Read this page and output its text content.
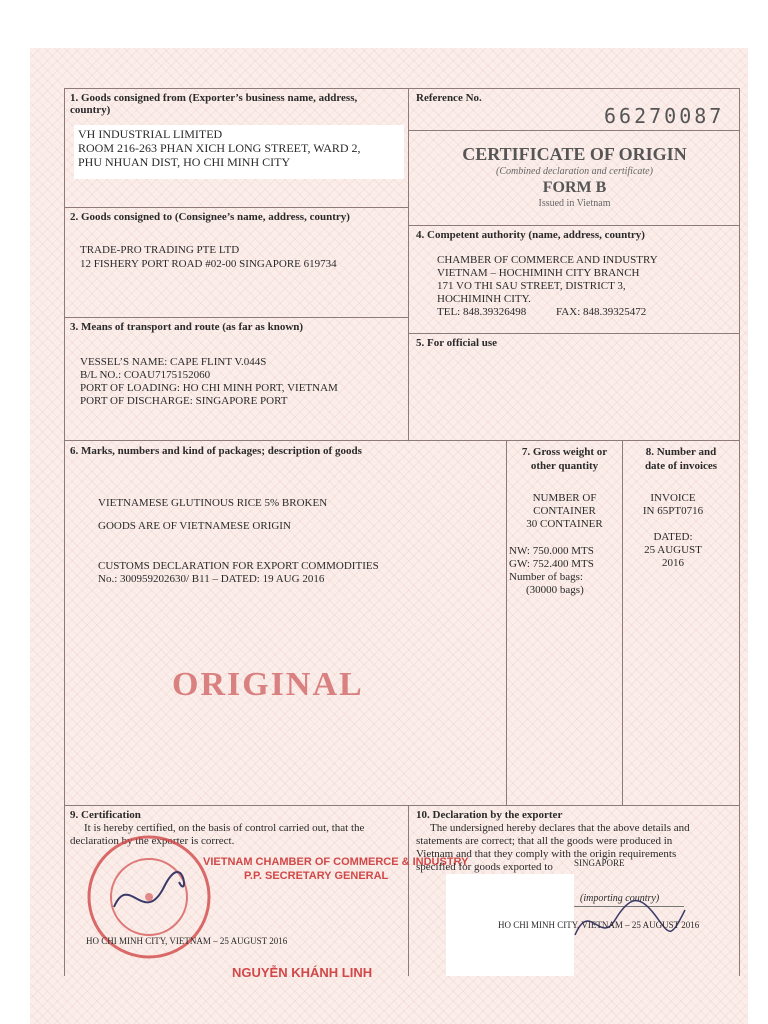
1. Goods consigned from (Exporter’s business name, address,
country)
VH INDUSTRIAL LIMITED
ROOM 216-263 PHAN XICH LONG STREET, WARD 2,
PHU NHUAN DIST, HO CHI MINH CITY
Reference No.
66270087
CERTIFICATE OF ORIGIN
(Combined declaration and certificate)
FORM B
Issued in Vietnam
2. Goods consigned to (Consignee’s name, address, country)
TRADE-PRO TRADING PTE LTD
12 FISHERY PORT ROAD #02-00 SINGAPORE 619734
4. Competent authority (name, address, country)
CHAMBER OF COMMERCE AND INDUSTRY
VIETNAM – HOCHIMINH CITY BRANCH
171 VO THI SAU STREET, DISTRICT 3,
HOCHIMINH CITY.
TEL: 848.39326498	FAX: 848.39325472
3. Means of transport and route (as far as known)
VESSEL’S NAME: CAPE FLINT V.044S
B/L NO.: COAU7175152060
PORT OF LOADING: HO CHI MINH PORT, VIETNAM
PORT OF DISCHARGE: SINGAPORE PORT
5. For official use
6. Marks, numbers and kind of packages; description of goods
VIETNAMESE GLUTINOUS RICE 5% BROKEN
GOODS ARE OF VIETNAMESE ORIGIN
CUSTOMS DECLARATION FOR EXPORT COMMODITIES
No.: 300959202630/ B11 – DATED: 19 AUG 2016
ORIGINAL
7. Gross weight or
other quantity
NUMBER OF
CONTAINER
30 CONTAINER
NW: 750.000 MTS
GW: 752.400 MTS
Number of bags:
(30000 bags)
8. Number and
date of invoices
INVOICE
IN 65PT0716
DATED:
25 AUGUST
2016
9. Certification
It is hereby certified, on the basis of control carried out, that the
declaration by the exporter is correct.
VIETNAM CHAMBER OF COMMERCE & INDUSTRY
P.P. SECRETARY GENERAL
HO CHI MINH CITY, VIETNAM – 25 AUGUST 2016
NGUYỄN KHÁNH LINH
10. Declaration by the exporter
The undersigned hereby declares that the above details and
statements are correct; that all the goods were produced in
Vietnam and that they comply with the origin requirements
specified for goods exported to SINGAPORE
(importing country)
HO CHI MINH CITY, VIETNAM – 25 AUGUST 2016
